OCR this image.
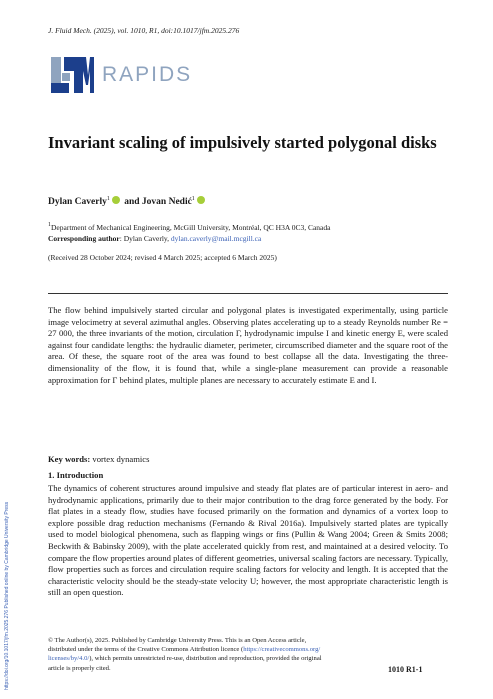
J. Fluid Mech. (2025), vol. 1010, R1, doi:10.1017/jfm.2025.276
RAPIDS
Invariant scaling of impulsively started polygonal disks
Dylan Caverly$^1$ and Jovan Nedić$^1$
$^1$Department of Mechanical Engineering, McGill University, Montréal, QC H3A 0C3, Canada
Corresponding author: Dylan Caverly, dylan.caverly@mail.mcgill.ca
(Received 28 October 2024; revised 4 March 2025; accepted 6 March 2025)
The flow behind impulsively started circular and polygonal plates is investigated experimentally, using particle image velocimetry at several azimuthal angles. Observing plates accelerating up to a steady Reynolds number Re = 27 000, the three invariants of the motion, circulation Γ, hydrodynamic impulse I and kinetic energy E, were scaled against four candidate lengths: the hydraulic diameter, perimeter, circumscribed diameter and the square root of the area. Of these, the square root of the area was found to best collapse all the data. Investigating the three-dimensionality of the flow, it is found that, while a single-plane measurement can provide a reasonable approximation for Γ behind plates, multiple planes are necessary to accurately estimate E and I.
Key words: vortex dynamics
1. Introduction
The dynamics of coherent structures around impulsive and steady flat plates are of particular interest in aero- and hydrodynamic applications, primarily due to their major contribution to the drag force generated by the body. For flat plates in a steady flow, studies have focused primarily on the formation and dynamics of a vortex loop to explore possible drag reduction mechanisms (Fernando & Rival 2016a). Impulsively started plates are typically used to model biological phenomena, such as flapping wings or fins (Pullin & Wang 2004; Green & Smits 2008; Beckwith & Babinsky 2009), with the plate accelerated quickly from rest, and maintained at a desired velocity. To compare the flow properties around plates of different geometries, universal scaling factors are necessary. Typically, flow properties such as forces and circulation require scaling factors for velocity and length. It is accepted that the characteristic velocity should be the steady-state velocity U; however, the most appropriate characteristic length is still an open question.
© The Author(s), 2025. Published by Cambridge University Press. This is an Open Access article,
distributed under the terms of the Creative Commons Attribution licence (https://creativecommons.org/
licenses/by/4.0/), which permits unrestricted re-use, distribution and reproduction, provided the original
article is properly cited.	1010 R1-1
https://doi.org/10.1017/jfm.2025.276 Published online by Cambridge University Press
